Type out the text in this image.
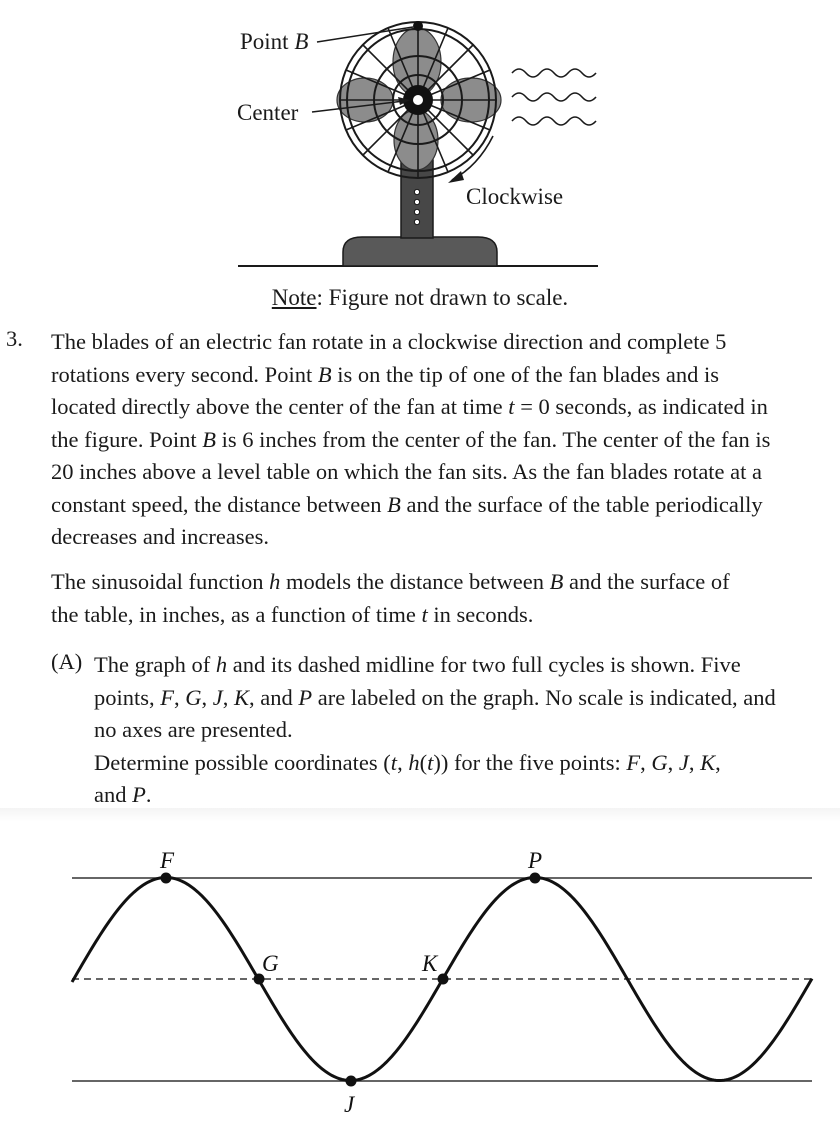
Point B
Center
Clockwise
Note: Figure not drawn to scale.
3. The blades of an electric fan rotate in a clockwise direction and complete 5
rotations every second. Point B is on the tip of one of the fan blades and is
located directly above the center of the fan at time t = 0 seconds, as indicated in
the figure. Point B is 6 inches from the center of the fan. The center of the fan is
20 inches above a level table on which the fan sits. As the fan blades rotate at a
constant speed, the distance between B and the surface of the table periodically
decreases and increases.
The sinusoidal function h models the distance between B and the surface of
the table, in inches, as a function of time t in seconds.
(A) The graph of h and its dashed midline for two full cycles is shown. Five
points, F, G, J, K, and P are labeled on the graph. No scale is indicated, and
no axes are presented.
Determine possible coordinates (t, h(t)) for the five points: F, G, J, K,
and P.
F
G
J
K
P
